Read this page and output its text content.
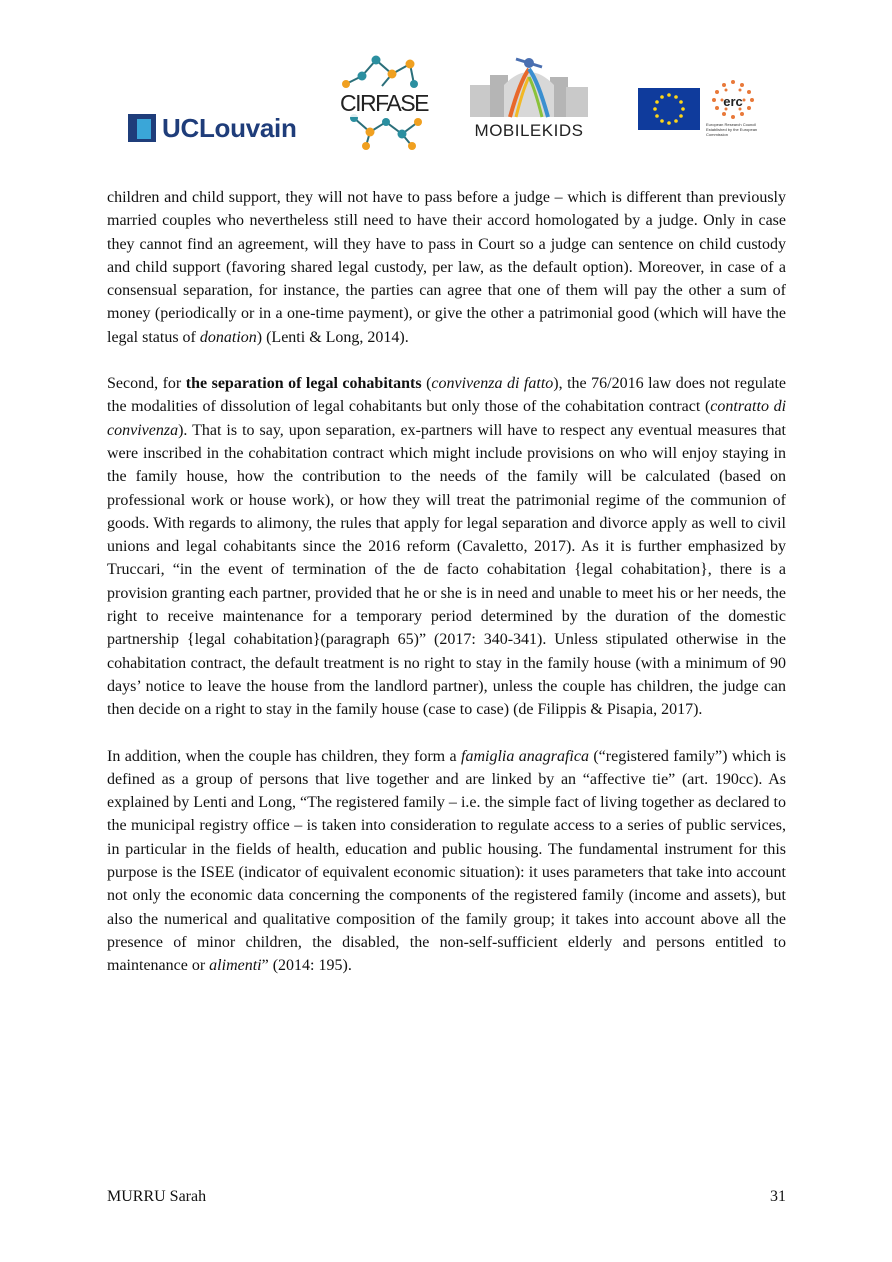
UCLouvain
CIRFASE
MOBILEKIDS
erc
European Research Council
Established by the European Commission

children and child support, they will not have to pass before a judge – which is different than previously married couples who nevertheless still need to have their accord homologated by a judge. Only in case they cannot find an agreement, will they have to pass in Court so a judge can sentence on child custody and child support (favoring shared legal custody, per law, as the default option). Moreover, in case of a consensual separation, for instance, the parties can agree that one of them will pay the other a sum of money (periodically or in a one-time payment), or give the other a patrimonial good (which will have the legal status of donation) (Lenti & Long, 2014).

Second, for the separation of legal cohabitants (convivenza di fatto), the 76/2016 law does not regulate the modalities of dissolution of legal cohabitants but only those of the cohabitation contract (contratto di convivenza). That is to say, upon separation, ex-partners will have to respect any eventual measures that were inscribed in the cohabitation contract which might include provisions on who will enjoy staying in the family house, how the contribution to the needs of the family will be calculated (based on professional work or house work), or how they will treat the patrimonial regime of the communion of goods. With regards to alimony, the rules that apply for legal separation and divorce apply as well to civil unions and legal cohabitants since the 2016 reform (Cavaletto, 2017). As it is further emphasized by Truccari, “in the event of termination of the de facto cohabitation {legal cohabitation}, there is a provision granting each partner, provided that he or she is in need and unable to meet his or her needs, the right to receive maintenance for a temporary period determined by the duration of the domestic partnership {legal cohabitation}(paragraph 65)” (2017: 340-341). Unless stipulated otherwise in the cohabitation contract, the default treatment is no right to stay in the family house (with a minimum of 90 days’ notice to leave the house from the landlord partner), unless the couple has children, the judge can then decide on a right to stay in the family house (case to case) (de Filippis & Pisapia, 2017).

In addition, when the couple has children, they form a famiglia anagrafica (“registered family”) which is defined as a group of persons that live together and are linked by an “affective tie” (art. 190cc). As explained by Lenti and Long, “The registered family – i.e. the simple fact of living together as declared to the municipal registry office – is taken into consideration to regulate access to a series of public services, in particular in the fields of health, education and public housing. The fundamental instrument for this purpose is the ISEE (indicator of equivalent economic situation): it uses parameters that take into account not only the economic data concerning the components of the registered family (income and assets), but also the numerical and qualitative composition of the family group; it takes into account above all the presence of minor children, the disabled, the non-self-sufficient elderly and persons entitled to maintenance or alimenti” (2014: 195).

MURRU Sarah	31
